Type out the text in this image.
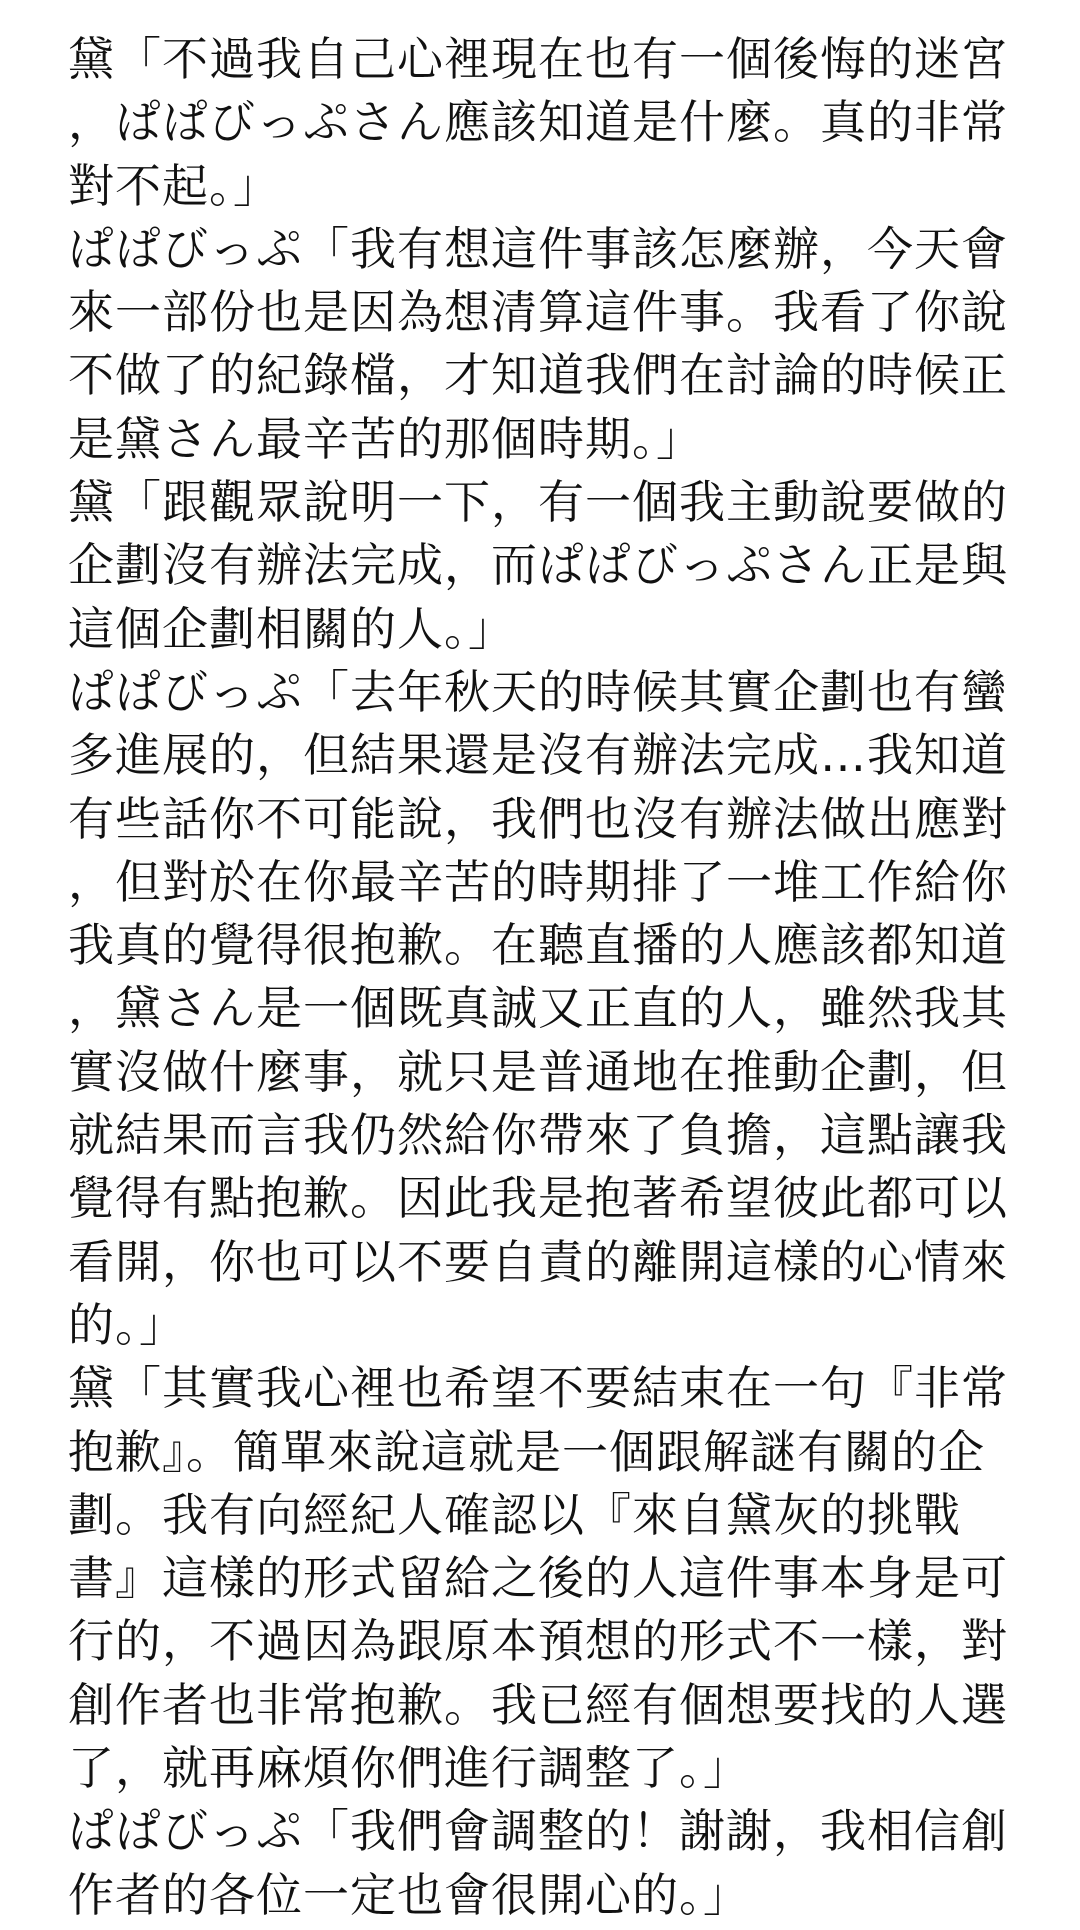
黛「不過我自己心裡現在也有一個後悔的迷宮
，ぱぱびっぷさん應該知道是什麼。真的非常
對不起。」
ぱぱびっぷ「我有想這件事該怎麼辦，今天會
來一部份也是因為想清算這件事。我看了你說
不做了的紀錄檔，才知道我們在討論的時候正
是黛さん最辛苦的那個時期。」
黛「跟觀眾說明一下，有一個我主動說要做的
企劃沒有辦法完成，而ぱぱびっぷさん正是與
這個企劃相關的人。」
ぱぱびっぷ「去年秋天的時候其實企劃也有蠻
多進展的，但結果還是沒有辦法完成…我知道
有些話你不可能說，我們也沒有辦法做出應對
，但對於在你最辛苦的時期排了一堆工作給你
我真的覺得很抱歉。在聽直播的人應該都知道
，黛さん是一個既真誠又正直的人，雖然我其
實沒做什麼事，就只是普通地在推動企劃，但
就結果而言我仍然給你帶來了負擔，這點讓我
覺得有點抱歉。因此我是抱著希望彼此都可以
看開，你也可以不要自責的離開這樣的心情來
的。」
黛「其實我心裡也希望不要結束在一句『非常
抱歉』。簡單來說這就是一個跟解謎有關的企
劃。我有向經紀人確認以『來自黛灰的挑戰
書』這樣的形式留給之後的人這件事本身是可
行的，不過因為跟原本預想的形式不一樣，對
創作者也非常抱歉。我已經有個想要找的人選
了，就再麻煩你們進行調整了。」
ぱぱびっぷ「我們會調整的！謝謝，我相信創
作者的各位一定也會很開心的。」
